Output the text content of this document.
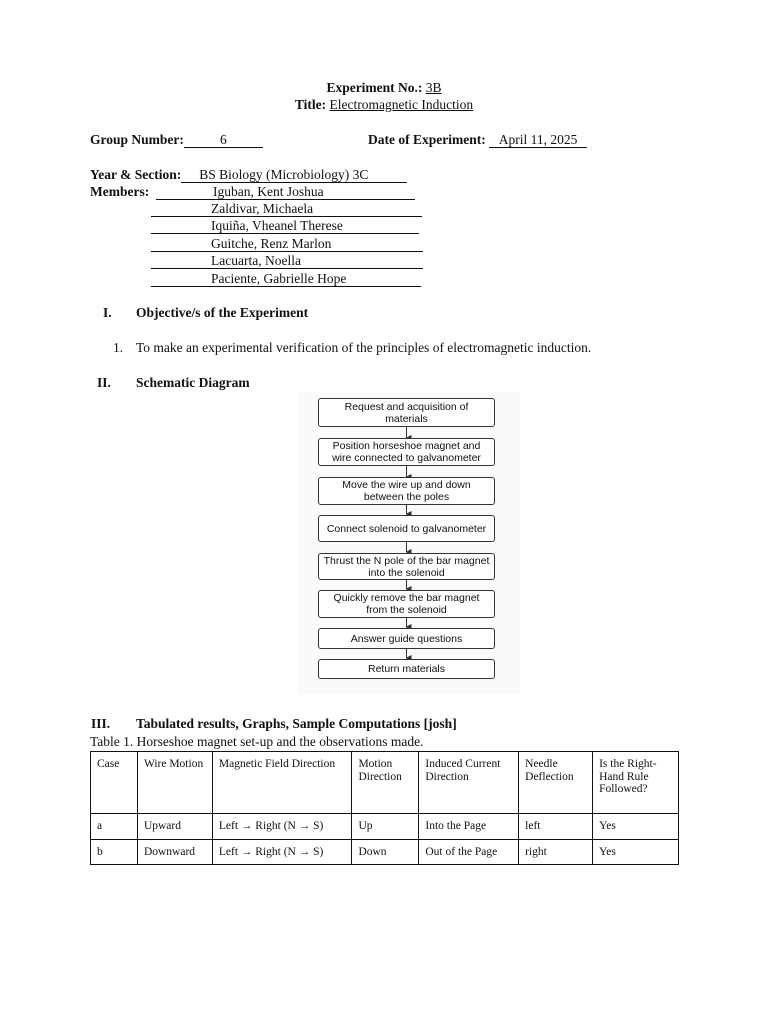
Experiment No.: 3B
Title: Electromagnetic Induction
Group Number:	6	Date of Experiment: April 11, 2025
Year & Section: BS Biology (Microbiology) 3C
Members:	Iguban, Kent Joshua
Zaldivar, Michaela
Iquiña, Vheanel Therese
Guitche, Renz Marlon
Lacuarta, Noella
Paciente, Gabrielle Hope
I. Objective/s of the Experiment
1. To make an experimental verification of the principles of electromagnetic induction.
II. Schematic Diagram
Request and acquisition of materials
Position horseshoe magnet and wire connected to galvanometer
Move the wire up and down between the poles
Connect solenoid to galvanometer
Thrust the N pole of the bar magnet into the solenoid
Quickly remove the bar magnet from the solenoid
Answer guide questions
Return materials
III. Tabulated results, Graphs, Sample Computations [josh]
Table 1. Horseshoe magnet set-up and the observations made.
Case	Wire Motion	Magnetic Field Direction	Motion Direction	Induced Current Direction	Needle Deflection	Is the Right-Hand Rule Followed?
a	Upward	Left → Right (N → S)	Up	Into the Page	left	Yes
b	Downward	Left → Right (N → S)	Down	Out of the Page	right	Yes
